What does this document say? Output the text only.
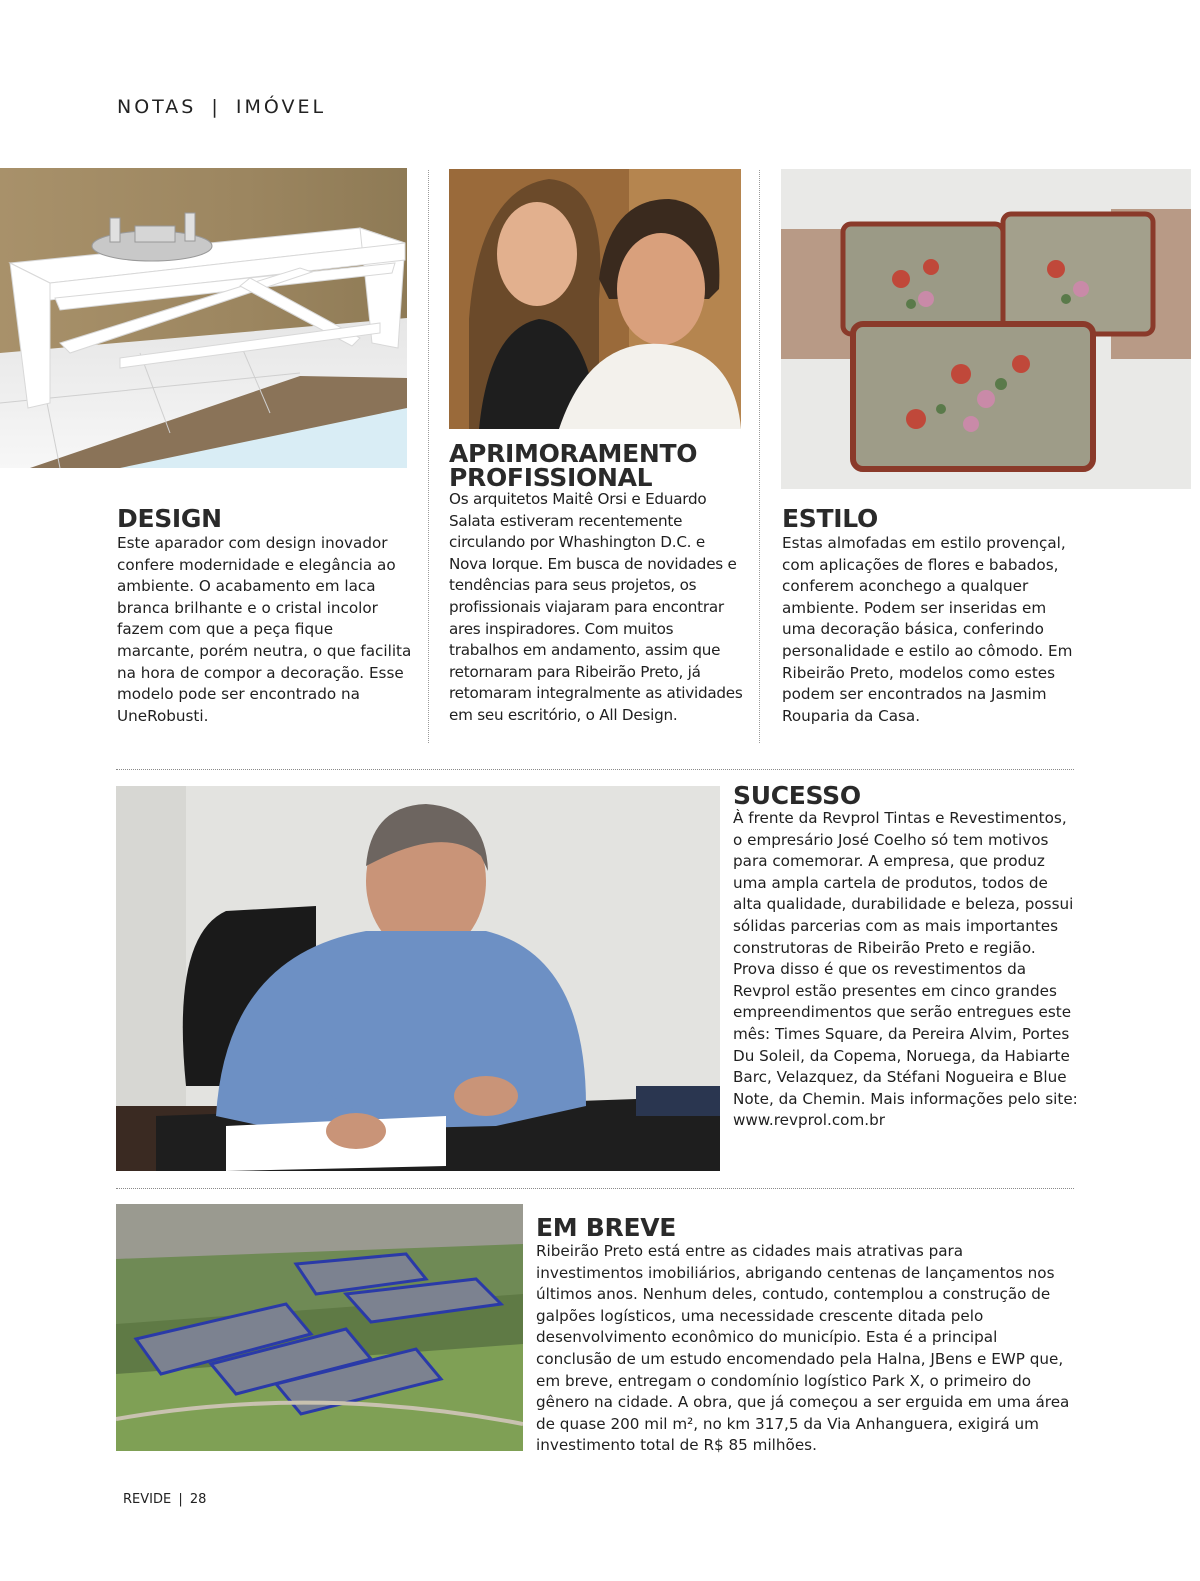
NOTAS | IMÓVEL
DESIGN
Este aparador com design inovador confere modernidade e elegância ao ambiente. O acabamento em laca branca brilhante e o cristal incolor fazem com que a peça fique marcante, porém neutra, o que facilita na hora de compor a decoração. Esse modelo pode ser encontrado na UneRobusti.
APRIMORAMENTO
PROFISSIONAL
Os arquitetos Maitê Orsi e Eduardo Salata estiveram recentemente circulando por Whashington D.C. e Nova Iorque. Em busca de novidades e tendências para seus projetos, os profissionais viajaram para encontrar ares inspiradores. Com muitos trabalhos em andamento, assim que retornaram para Ribeirão Preto, já retomaram integralmente as atividades em seu escritório, o All Design.
ESTILO
Estas almofadas em estilo provençal, com aplicações de flores e babados, conferem aconchego a qualquer ambiente. Podem ser inseridas em uma decoração básica, conferindo personalidade e estilo ao cômodo. Em Ribeirão Preto, modelos como estes podem ser encontrados na Jasmim Rouparia da Casa.
SUCESSO
À frente da Revprol Tintas e Revestimentos, o empresário José Coelho só tem motivos para comemorar. A empresa, que produz uma ampla cartela de produtos, todos de alta qualidade, durabilidade e beleza, possui sólidas parcerias com as mais importantes construtoras de Ribeirão Preto e região. Prova disso é que os revestimentos da Revprol estão presentes em cinco grandes empreendimentos que serão entregues este mês: Times Square, da Pereira Alvim, Portes Du Soleil, da Copema, Noruega, da Habiarte Barc, Velazquez, da Stéfani Nogueira e Blue Note, da Chemin. Mais informações pelo site: www.revprol.com.br
EM BREVE
Ribeirão Preto está entre as cidades mais atrativas para investimentos imobiliários, abrigando centenas de lançamentos nos últimos anos. Nenhum deles, contudo, contemplou a construção de galpões logísticos, uma necessidade crescente ditada pelo desenvolvimento econômico do município. Esta é a principal conclusão de um estudo encomendado pela Halna, JBens e EWP que, em breve, entregam o condomínio logístico Park X, o primeiro do gênero na cidade. A obra, que já começou a ser erguida em uma área de quase 200 mil m², no km 317,5 da Via Anhanguera, exigirá um investimento total de R$ 85 milhões.
REVIDE | 28
